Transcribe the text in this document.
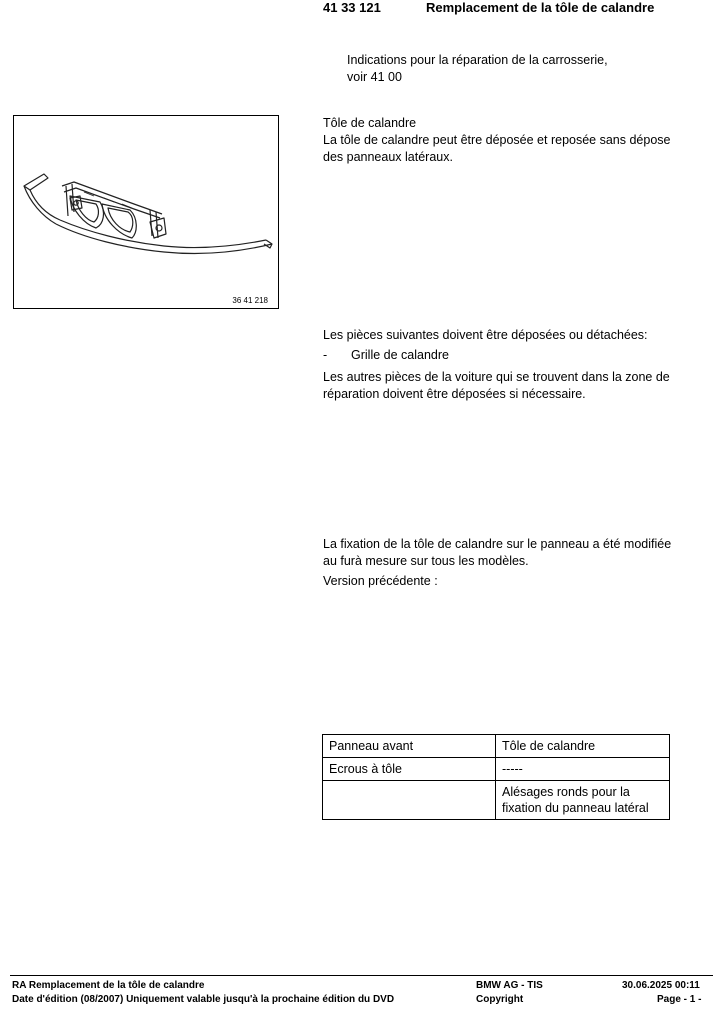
41 33 121	Remplacement de la tôle de calandre
Indications pour la réparation de la carrosserie,
voir 41 00
36 41 218
Tôle de calandre
La tôle de calandre peut être déposée et reposée sans dépose
des panneaux latéraux.
Les pièces suivantes doivent être déposées ou détachées:
- Grille de calandre
Les autres pièces de la voiture qui se trouvent dans la zone de
réparation doivent être déposées si nécessaire.
La fixation de la tôle de calandre sur le panneau a été modifiée
au furà mesure sur tous les modèles.
Version précédente :
Panneau avant	Tôle de calandre
Ecrous à tôle	-----
	Alésages ronds pour la fixation du panneau latéral
RA Remplacement de la tôle de calandre
Date d'édition (08/2007) Uniquement valable jusqu'à la prochaine édition du DVD
BMW AG - TIS
Copyright
30.06.2025 00:11
Page - 1 -
